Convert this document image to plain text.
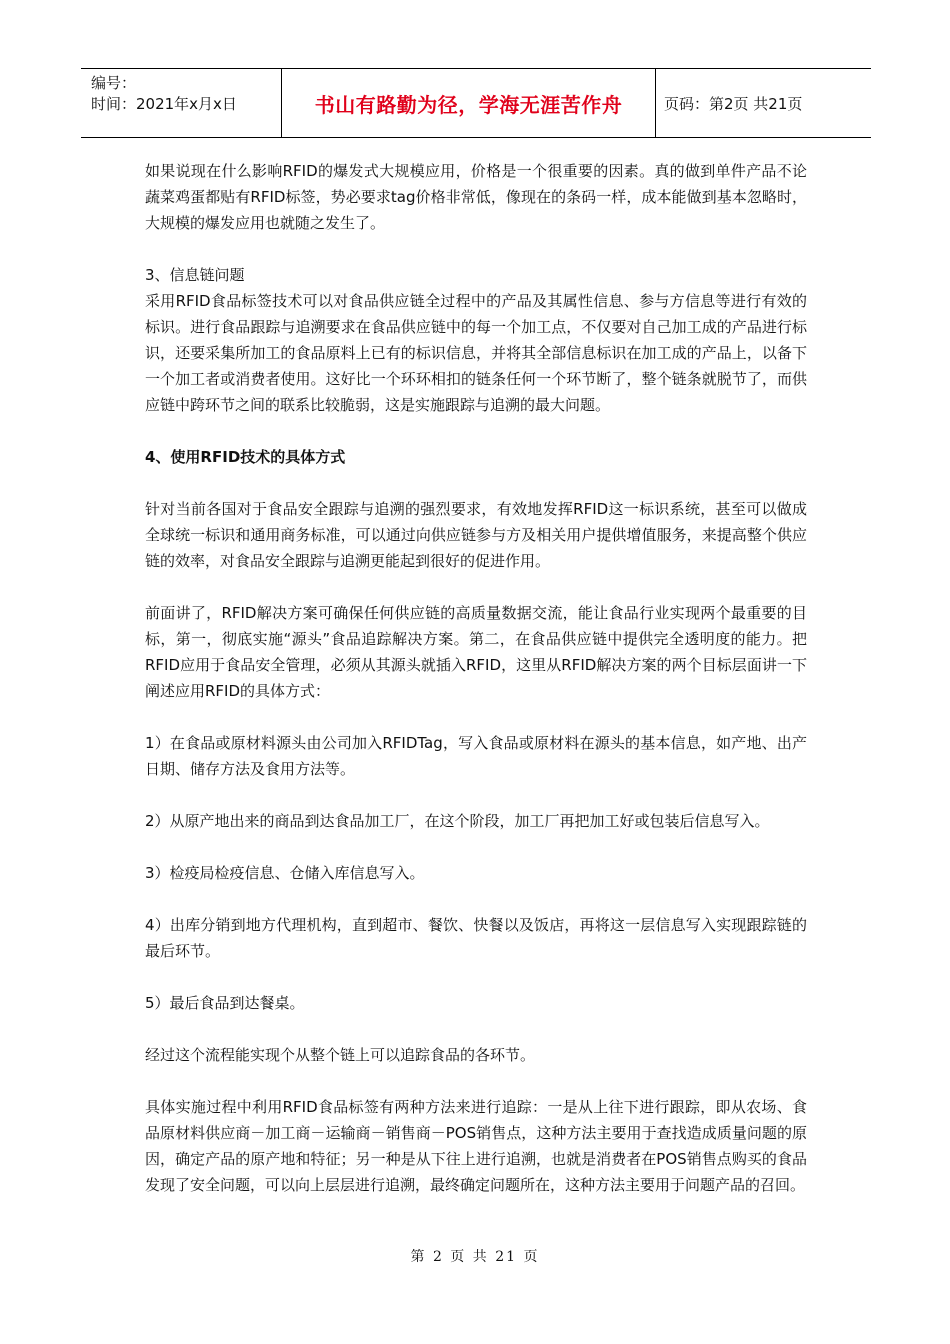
编号：
时间：2021年x月x日	书山有路勤为径，学海无涯苦作舟	页码：第2页 共21页

如果说现在什么影响RFID的爆发式大规模应用，价格是一个很重要的因素。真的做到单件产品不论蔬菜鸡蛋都贴有RFID标签，势必要求tag价格非常低，像现在的条码一样，成本能做到基本忽略时，大规模的爆发应用也就随之发生了。

3、信息链问题

采用RFID食品标签技术可以对食品供应链全过程中的产品及其属性信息、参与方信息等进行有效的标识。进行食品跟踪与追溯要求在食品供应链中的每一个加工点，不仅要对自己加工成的产品进行标识，还要采集所加工的食品原料上已有的标识信息，并将其全部信息标识在加工成的产品上，以备下一个加工者或消费者使用。这好比一个环环相扣的链条任何一个环节断了，整个链条就脱节了，而供应链中跨环节之间的联系比较脆弱，这是实施跟踪与追溯的最大问题。

4、使用RFID技术的具体方式

针对当前各国对于食品安全跟踪与追溯的强烈要求，有效地发挥RFID这一标识系统，甚至可以做成全球统一标识和通用商务标准，可以通过向供应链参与方及相关用户提供增值服务，来提高整个供应链的效率，对食品安全跟踪与追溯更能起到很好的促进作用。

前面讲了，RFID解决方案可确保任何供应链的高质量数据交流，能让食品行业实现两个最重要的目标，第一，彻底实施“源头”食品追踪解决方案。第二，在食品供应链中提供完全透明度的能力。把RFID应用于食品安全管理，必须从其源头就插入RFID，这里从RFID解决方案的两个目标层面讲一下阐述应用RFID的具体方式：

1）在食品或原材料源头由公司加入RFIDTag，写入食品或原材料在源头的基本信息，如产地、出产日期、储存方法及食用方法等。

2）从原产地出来的商品到达食品加工厂，在这个阶段，加工厂再把加工好或包装后信息写入。

3）检疫局检疫信息、仓储入库信息写入。

4）出库分销到地方代理机构，直到超市、餐饮、快餐以及饭店，再将这一层信息写入实现跟踪链的最后环节。

5）最后食品到达餐桌。

经过这个流程能实现个从整个链上可以追踪食品的各环节。

具体实施过程中利用RFID食品标签有两种方法来进行追踪：一是从上往下进行跟踪，即从农场、食品原材料供应商－加工商－运输商－销售商－POS销售点，这种方法主要用于查找造成质量问题的原因，确定产品的原产地和特征；另一种是从下往上进行追溯，也就是消费者在POS销售点购买的食品发现了安全问题，可以向上层层进行追溯，最终确定问题所在，这种方法主要用于问题产品的召回。

第 2 页 共 21 页
